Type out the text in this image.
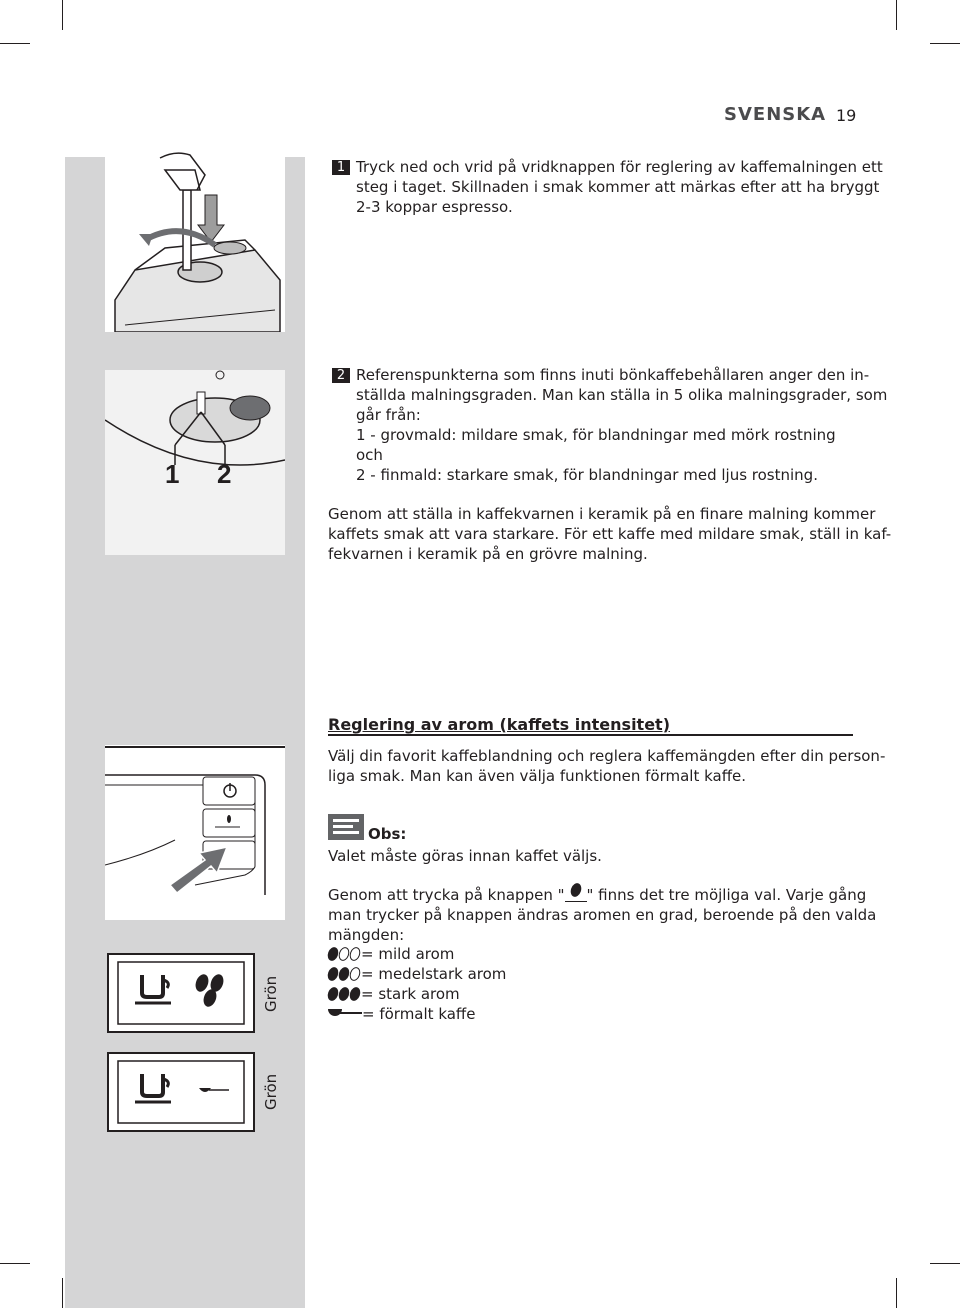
SVENSKA 19
1 2
1 Tryck ned och vrid på vridknappen för reglering av kaffemalningen ett
steg i taget. Skillnaden i smak kommer att märkas efter att ha bryggt
2-3 koppar espresso.
2 Referenspunkterna som finns inuti bönkaffebehållaren anger den in-
ställda malningsgraden. Man kan ställa in 5 olika malningsgrader, som
går från:
1 - grovmald: mildare smak, för blandningar med mörk rostning
och
2 - finmald: starkare smak, för blandningar med ljus rostning.
Genom att ställa in kaffekvarnen i keramik på en finare malning kommer
kaffets smak att vara starkare. För ett kaffe med mildare smak, ställ in kaf-
fekvarnen i keramik på en grövre malning.
Reglering av arom (kaffets intensitet)
Välj din favorit kaffeblandning och reglera kaffemängden efter din person-
liga smak. Man kan även välja funktionen förmalt kaffe.
Obs:
Valet måste göras innan kaffet väljs.
Genom att trycka på knappen " " finns det tre möjliga val. Varje gång
man trycker på knappen ändras aromen en grad, beroende på den valda
mängden:
= mild arom
= medelstark arom
= stark arom
= förmalt kaffe
Grön
Grön
